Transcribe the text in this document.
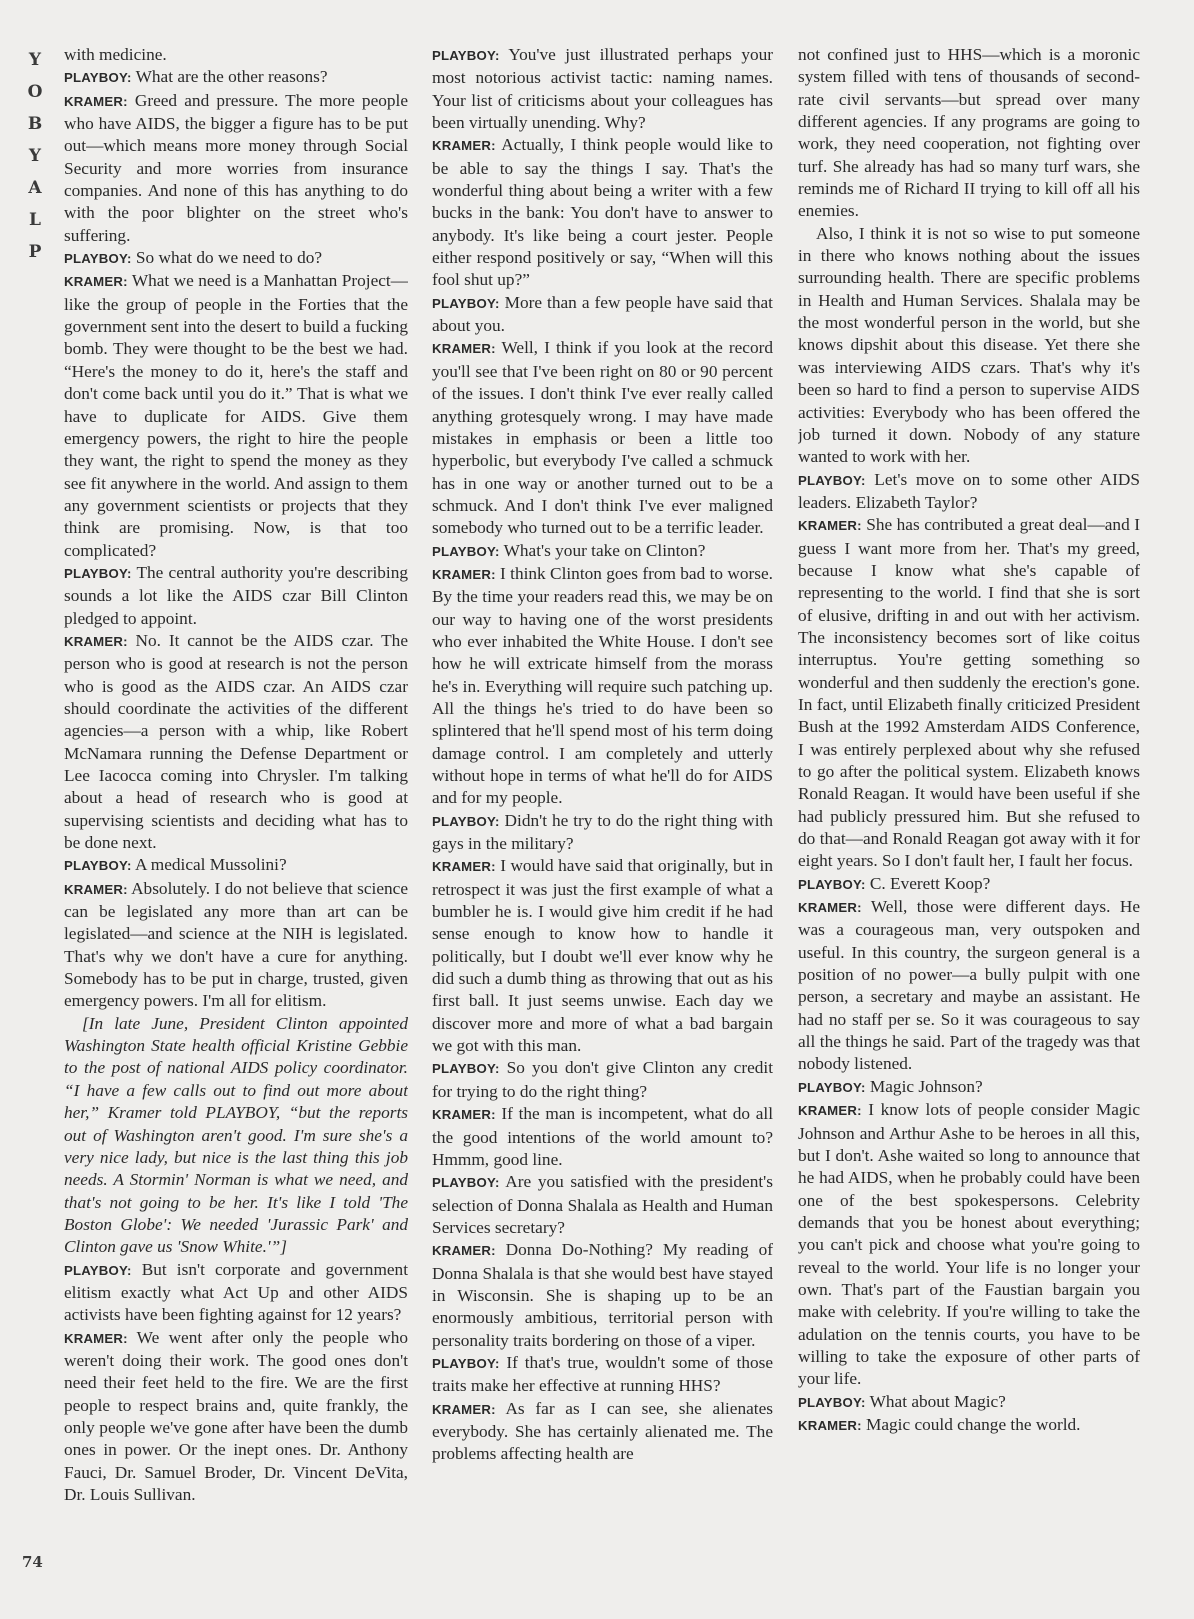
Y
O
B
Y
A
L
P
74

with medicine.

PLAYBOY: What are the other reasons?

KRAMER: Greed and pressure. The more people who have AIDS, the bigger a figure has to be put out—which means more money through Social Security and more worries from insurance companies. And none of this has anything to do with the poor blighter on the street who's suffering.

PLAYBOY: So what do we need to do?

KRAMER: What we need is a Manhattan Project—like the group of people in the Forties that the government sent into the desert to build a fucking bomb. They were thought to be the best we had. “Here's the money to do it, here's the staff and don't come back until you do it.” That is what we have to duplicate for AIDS. Give them emergency powers, the right to hire the people they want, the right to spend the money as they see fit anywhere in the world. And assign to them any government scientists or projects that they think are promising. Now, is that too complicated?

PLAYBOY: The central authority you're describing sounds a lot like the AIDS czar Bill Clinton pledged to appoint.

KRAMER: No. It cannot be the AIDS czar. The person who is good at research is not the person who is good as the AIDS czar. An AIDS czar should coordinate the activities of the different agencies—a person with a whip, like Robert McNamara running the Defense Department or Lee Iacocca coming into Chrysler. I'm talking about a head of research who is good at supervising scientists and deciding what has to be done next.

PLAYBOY: A medical Mussolini?

KRAMER: Absolutely. I do not believe that science can be legislated any more than art can be legislated—and science at the NIH is legislated. That's why we don't have a cure for anything. Somebody has to be put in charge, trusted, given emergency powers. I'm all for elitism.

[In late June, President Clinton appointed Washington State health official Kristine Gebbie to the post of national AIDS policy coordinator. “I have a few calls out to find out more about her,” Kramer told PLAYBOY, “but the reports out of Washington aren't good. I'm sure she's a very nice lady, but nice is the last thing this job needs. A Stormin' Norman is what we need, and that's not going to be her. It's like I told 'The Boston Globe': We needed 'Jurassic Park' and Clinton gave us 'Snow White.'”]

PLAYBOY: But isn't corporate and government elitism exactly what Act Up and other AIDS activists have been fighting against for 12 years?

KRAMER: We went after only the people who weren't doing their work. The good ones don't need their feet held to the fire. We are the first people to respect brains and, quite frankly, the only people we've gone after have been the dumb ones in power. Or the inept ones. Dr. Anthony Fauci, Dr. Samuel Broder, Dr. Vincent DeVita, Dr. Louis Sullivan.

PLAYBOY: You've just illustrated perhaps your most notorious activist tactic: naming names. Your list of criticisms about your colleagues has been virtually unending. Why?

KRAMER: Actually, I think people would like to be able to say the things I say. That's the wonderful thing about being a writer with a few bucks in the bank: You don't have to answer to anybody. It's like being a court jester. People either respond positively or say, “When will this fool shut up?”

PLAYBOY: More than a few people have said that about you.

KRAMER: Well, I think if you look at the record you'll see that I've been right on 80 or 90 percent of the issues. I don't think I've ever really called anything grotesquely wrong. I may have made mistakes in emphasis or been a little too hyperbolic, but everybody I've called a schmuck has in one way or another turned out to be a schmuck. And I don't think I've ever maligned somebody who turned out to be a terrific leader.

PLAYBOY: What's your take on Clinton?

KRAMER: I think Clinton goes from bad to worse. By the time your readers read this, we may be on our way to having one of the worst presidents who ever inhabited the White House. I don't see how he will extricate himself from the morass he's in. Everything will require such patching up. All the things he's tried to do have been so splintered that he'll spend most of his term doing damage control. I am completely and utterly without hope in terms of what he'll do for AIDS and for my people.

PLAYBOY: Didn't he try to do the right thing with gays in the military?

KRAMER: I would have said that originally, but in retrospect it was just the first example of what a bumbler he is. I would give him credit if he had sense enough to know how to handle it politically, but I doubt we'll ever know why he did such a dumb thing as throwing that out as his first ball. It just seems unwise. Each day we discover more and more of what a bad bargain we got with this man.

PLAYBOY: So you don't give Clinton any credit for trying to do the right thing?

KRAMER: If the man is incompetent, what do all the good intentions of the world amount to? Hmmm, good line.

PLAYBOY: Are you satisfied with the president's selection of Donna Shalala as Health and Human Services secretary?

KRAMER: Donna Do-Nothing? My reading of Donna Shalala is that she would best have stayed in Wisconsin. She is shaping up to be an enormously ambitious, territorial person with personality traits bordering on those of a viper.

PLAYBOY: If that's true, wouldn't some of those traits make her effective at running HHS?

KRAMER: As far as I can see, she alienates everybody. She has certainly alienated me. The problems affecting health are

not confined just to HHS—which is a moronic system filled with tens of thousands of second-rate civil servants—but spread over many different agencies. If any programs are going to work, they need cooperation, not fighting over turf. She already has had so many turf wars, she reminds me of Richard II trying to kill off all his enemies.

Also, I think it is not so wise to put someone in there who knows nothing about the issues surrounding health. There are specific problems in Health and Human Services. Shalala may be the most wonderful person in the world, but she knows dipshit about this disease. Yet there she was interviewing AIDS czars. That's why it's been so hard to find a person to supervise AIDS activities: Everybody who has been offered the job turned it down. Nobody of any stature wanted to work with her.

PLAYBOY: Let's move on to some other AIDS leaders. Elizabeth Taylor?

KRAMER: She has contributed a great deal—and I guess I want more from her. That's my greed, because I know what she's capable of representing to the world. I find that she is sort of elusive, drifting in and out with her activism. The inconsistency becomes sort of like coitus interruptus. You're getting something so wonderful and then suddenly the erection's gone. In fact, until Elizabeth finally criticized President Bush at the 1992 Amsterdam AIDS Conference, I was entirely perplexed about why she refused to go after the political system. Elizabeth knows Ronald Reagan. It would have been useful if she had publicly pressured him. But she refused to do that—and Ronald Reagan got away with it for eight years. So I don't fault her, I fault her focus.

PLAYBOY: C. Everett Koop?

KRAMER: Well, those were different days. He was a courageous man, very outspoken and useful. In this country, the surgeon general is a position of no power—a bully pulpit with one person, a secretary and maybe an assistant. He had no staff per se. So it was courageous to say all the things he said. Part of the tragedy was that nobody listened.

PLAYBOY: Magic Johnson?

KRAMER: I know lots of people consider Magic Johnson and Arthur Ashe to be heroes in all this, but I don't. Ashe waited so long to announce that he had AIDS, when he probably could have been one of the best spokespersons. Celebrity demands that you be honest about everything; you can't pick and choose what you're going to reveal to the world. Your life is no longer your own. That's part of the Faustian bargain you make with celebrity. If you're willing to take the adulation on the tennis courts, you have to be willing to take the exposure of other parts of your life.

PLAYBOY: What about Magic?

KRAMER: Magic could change the world.
